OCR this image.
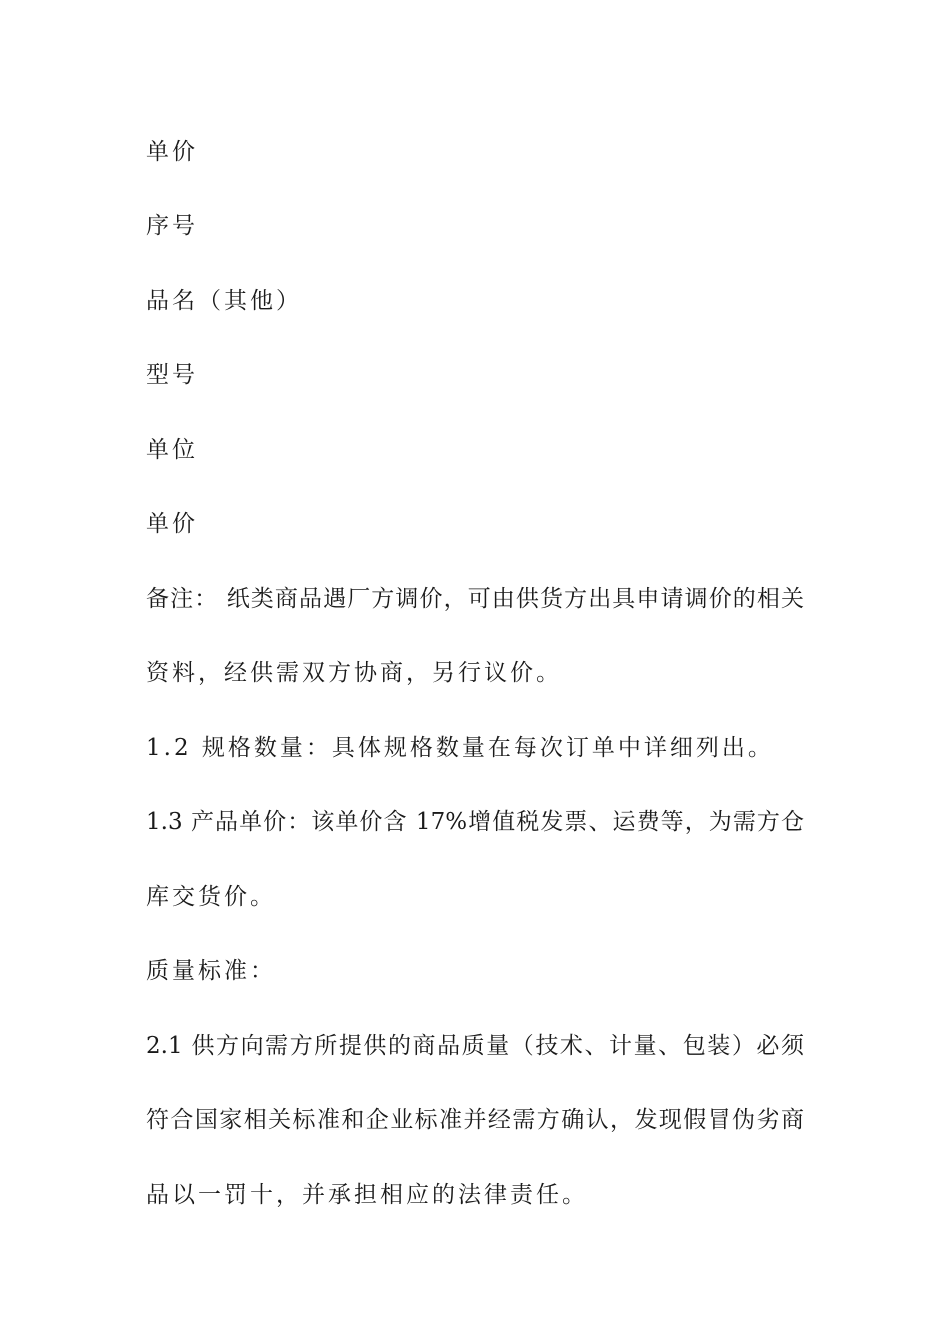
单价

序号

品名（其他）

型号

单位

单价

备注： 纸类商品遇厂方调价，可由供货方出具申请调价的相关

资料，经供需双方协商，另行议价。

1.2 规格数量：具体规格数量在每次订单中详细列出。

1.3 产品单价：该单价含 17%增值税发票、运费等，为需方仓

库交货价。

质量标准：

2.1 供方向需方所提供的商品质量（技术、计量、包装）必须

符合国家相关标准和企业标准并经需方确认，发现假冒伪劣商

品以一罚十，并承担相应的法律责任。
